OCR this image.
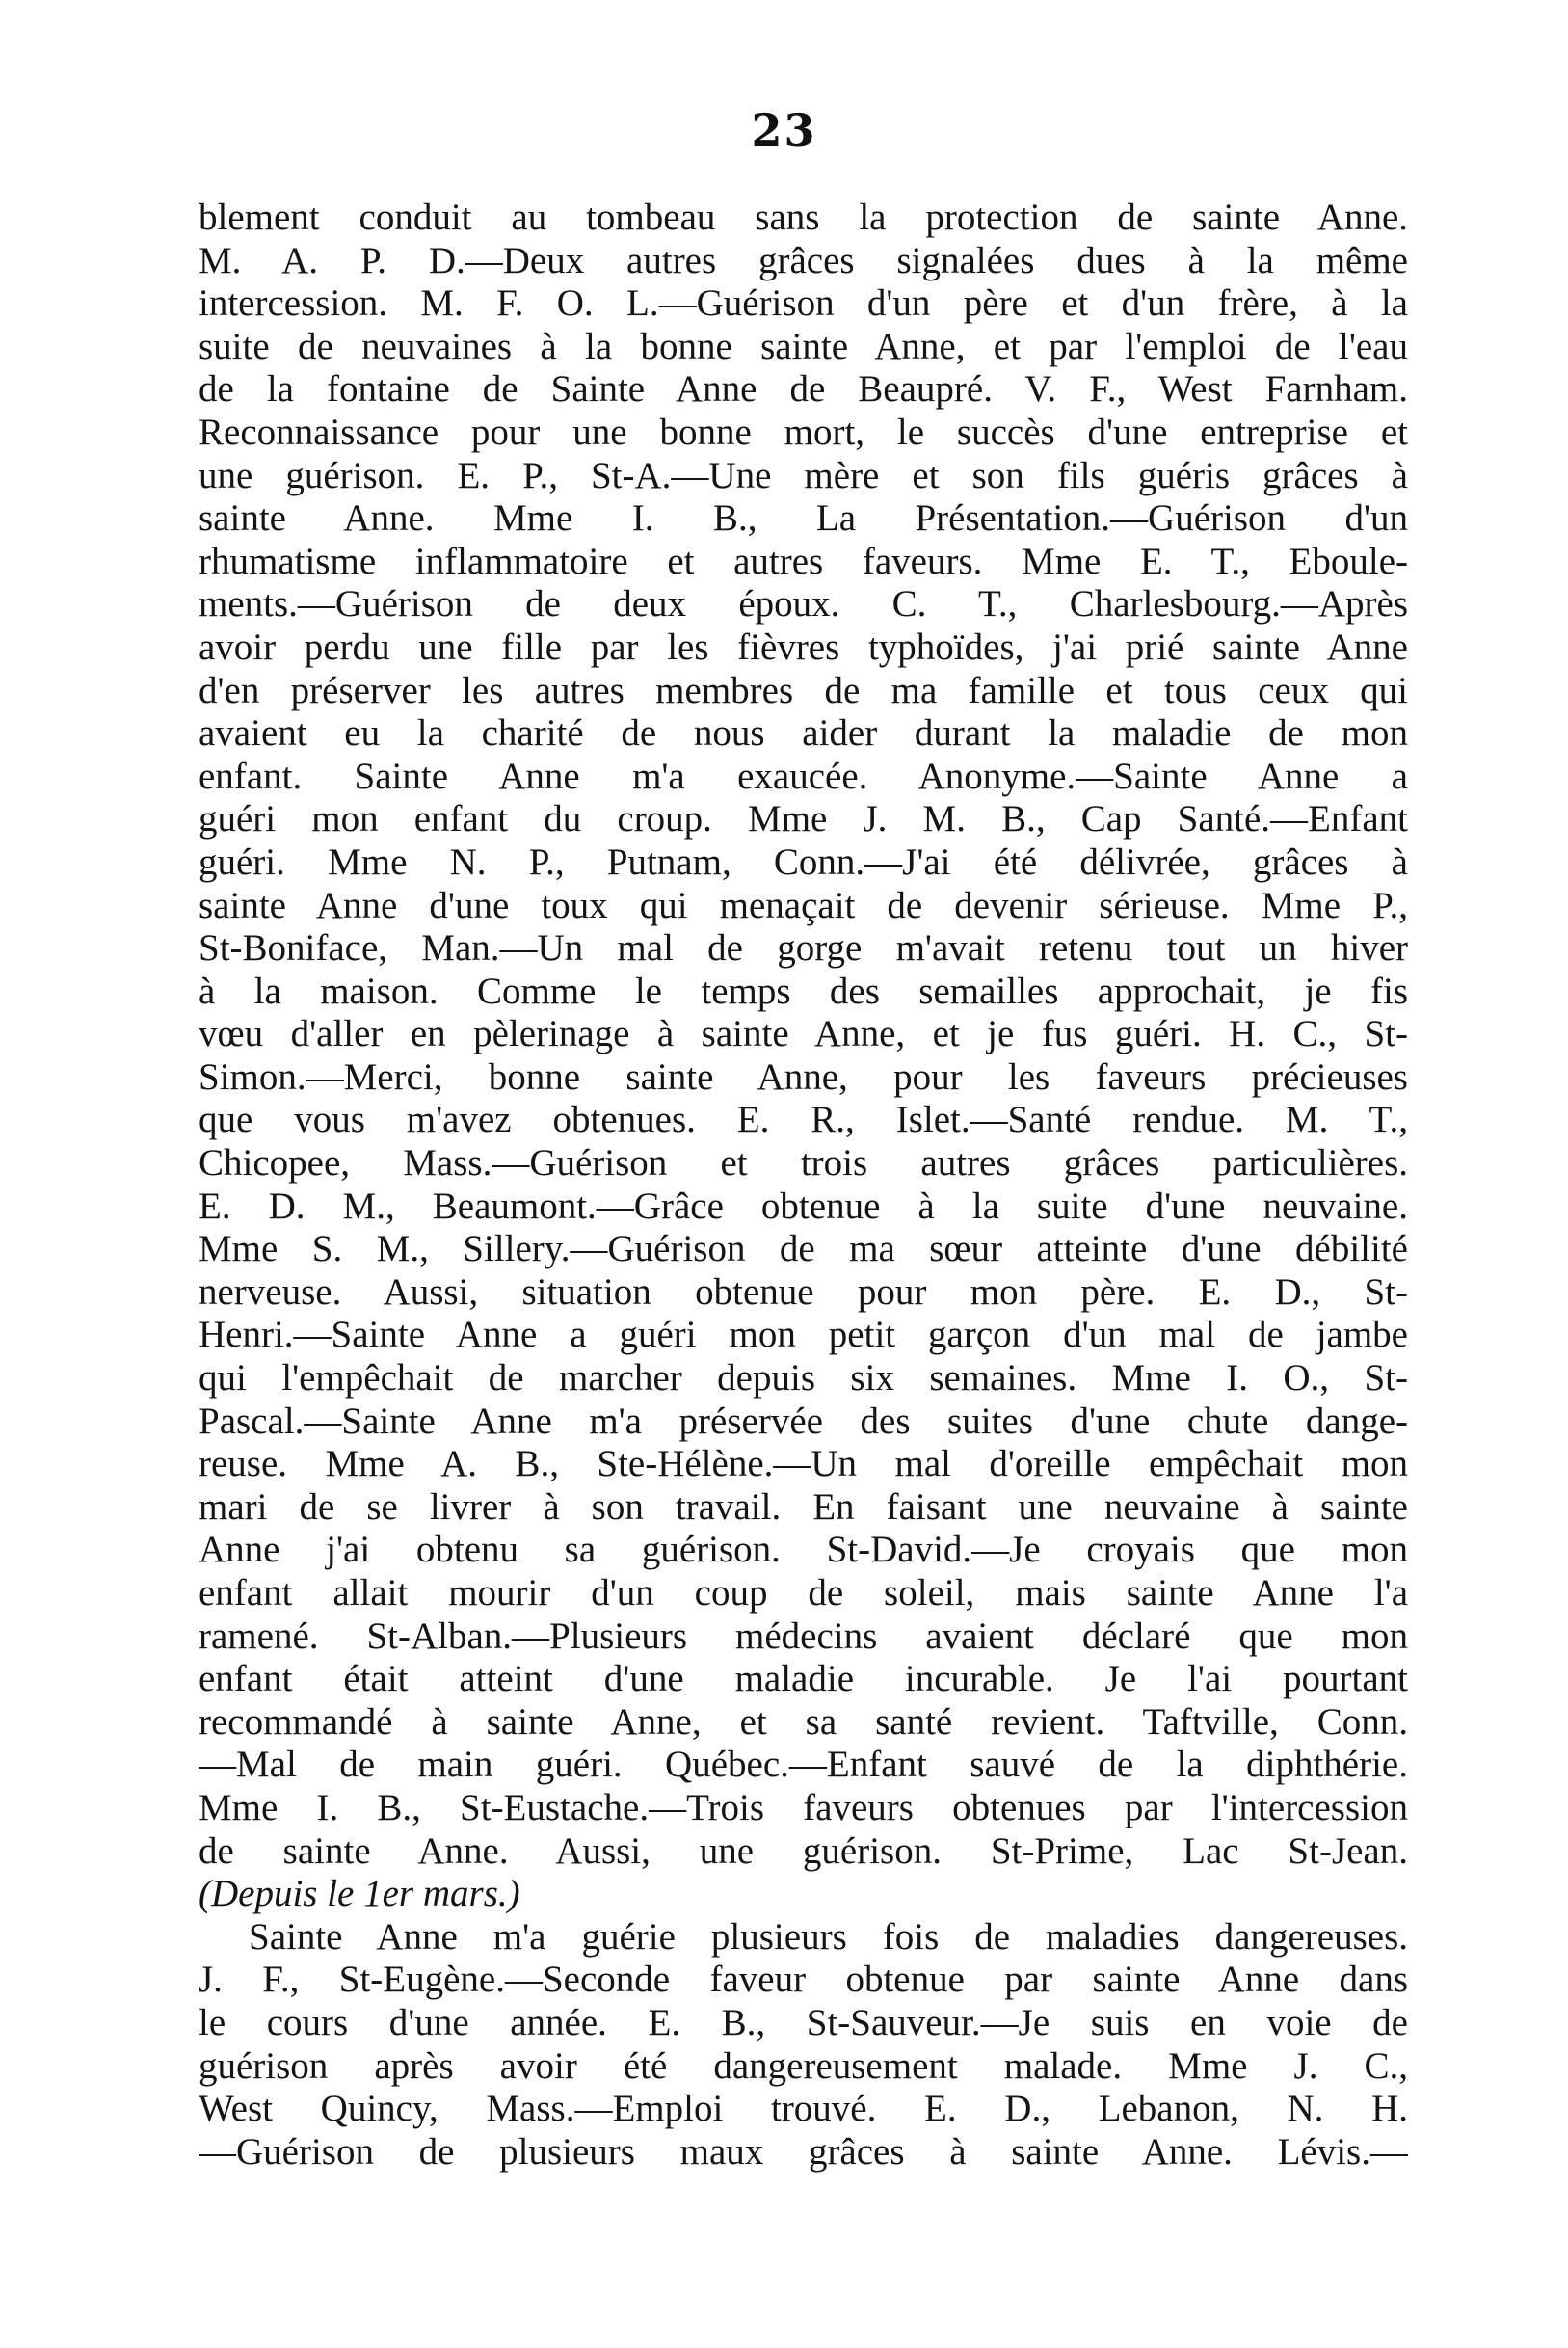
23
blement conduit au tombeau sans la protection de sainte Anne.
M. A. P. D.—Deux autres grâces signalées dues à la même
intercession. M. F. O. L.—Guérison d'un père et d'un frère, à la
suite de neuvaines à la bonne sainte Anne, et par l'emploi de l'eau
de la fontaine de Sainte Anne de Beaupré. V. F., West Farnham.
Reconnaissance pour une bonne mort, le succès d'une entreprise et
une guérison. E. P., St-A.—Une mère et son fils guéris grâces à
sainte Anne. Mme I. B., La Présentation.—Guérison d'un
rhumatisme inflammatoire et autres faveurs. Mme E. T., Eboule-
ments.—Guérison de deux époux. C. T., Charlesbourg.—Après
avoir perdu une fille par les fièvres typhoïdes, j'ai prié sainte Anne
d'en préserver les autres membres de ma famille et tous ceux qui
avaient eu la charité de nous aider durant la maladie de mon
enfant. Sainte Anne m'a exaucée. Anonyme.—Sainte Anne a
guéri mon enfant du croup. Mme J. M. B., Cap Santé.—Enfant
guéri. Mme N. P., Putnam, Conn.—J'ai été délivrée, grâces à
sainte Anne d'une toux qui menaçait de devenir sérieuse. Mme P.,
St-Boniface, Man.—Un mal de gorge m'avait retenu tout un hiver
à la maison. Comme le temps des semailles approchait, je fis
vœu d'aller en pèlerinage à sainte Anne, et je fus guéri. H. C., St-
Simon.—Merci, bonne sainte Anne, pour les faveurs précieuses
que vous m'avez obtenues. E. R., Islet.—Santé rendue. M. T.,
Chicopee, Mass.—Guérison et trois autres grâces particulières.
E. D. M., Beaumont.—Grâce obtenue à la suite d'une neuvaine.
Mme S. M., Sillery.—Guérison de ma sœur atteinte d'une débilité
nerveuse. Aussi, situation obtenue pour mon père. E. D., St-
Henri.—Sainte Anne a guéri mon petit garçon d'un mal de jambe
qui l'empêchait de marcher depuis six semaines. Mme I. O., St-
Pascal.—Sainte Anne m'a préservée des suites d'une chute dange-
reuse. Mme A. B., Ste-Hélène.—Un mal d'oreille empêchait mon
mari de se livrer à son travail. En faisant une neuvaine à sainte
Anne j'ai obtenu sa guérison. St-David.—Je croyais que mon
enfant allait mourir d'un coup de soleil, mais sainte Anne l'a
ramené. St-Alban.—Plusieurs médecins avaient déclaré que mon
enfant était atteint d'une maladie incurable. Je l'ai pourtant
recommandé à sainte Anne, et sa santé revient. Taftville, Conn.
—Mal de main guéri. Québec.—Enfant sauvé de la diphthérie.
Mme I. B., St-Eustache.—Trois faveurs obtenues par l'intercession
de sainte Anne. Aussi, une guérison. St-Prime, Lac St-Jean.
(Depuis le 1er mars.)
Sainte Anne m'a guérie plusieurs fois de maladies dangereuses.
J. F., St-Eugène.—Seconde faveur obtenue par sainte Anne dans
le cours d'une année. E. B., St-Sauveur.—Je suis en voie de
guérison après avoir été dangereusement malade. Mme J. C.,
West Quincy, Mass.—Emploi trouvé. E. D., Lebanon, N. H.
—Guérison de plusieurs maux grâces à sainte Anne. Lévis.—
